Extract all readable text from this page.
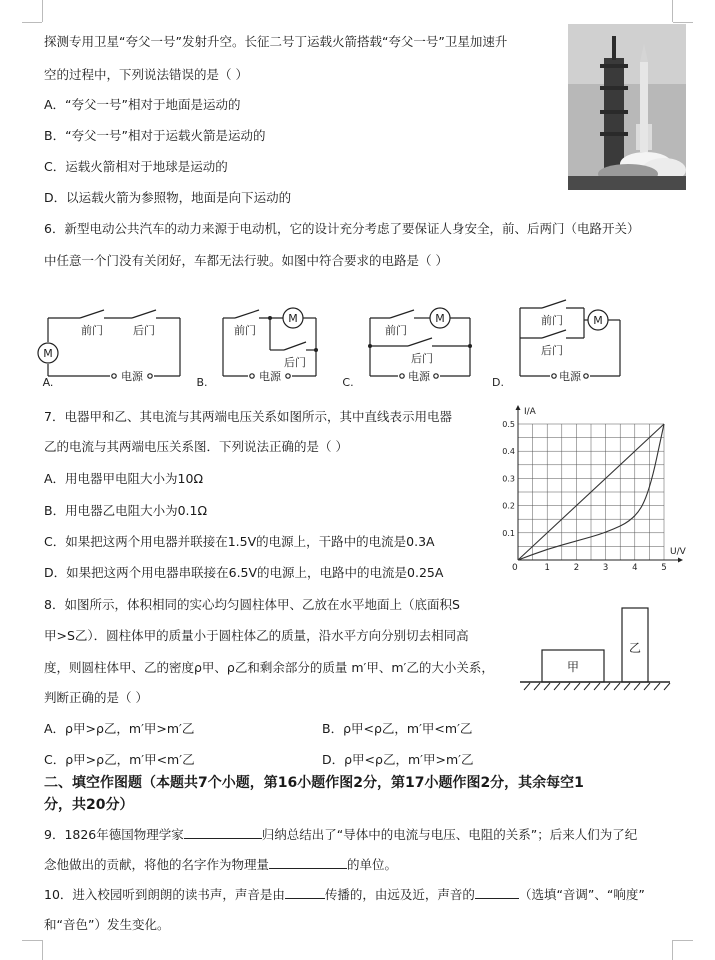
探测专用卫星“夸父一号”发射升空。长征二号丁运载火箭搭载“夸父一号”卫星加速升
空的过程中，下列说法错误的是（ ）
A．“夸父一号”相对于地面是运动的
B．“夸父一号”相对于运载火箭是运动的
C．运载火箭相对于地球是运动的
D．以运载火箭为参照物，地面是向下运动的
6．新型电动公共汽车的动力来源于电动机，它的设计充分考虑了要保证人身安全，前、后两门（电路开关）
中任意一个门没有关闭好，车都无法行驶。如图中符合要求的电路是（ ）
M
前门	后门
电源
A.
前门
M
后门
电源
B.
前门
M
后门
电源
C.
前门	M
后门
电源
D.
7．电器甲和乙、其电流与其两端电压关系如图所示，其中直线表示用电器
乙的电流与其两端电压关系图．下列说法正确的是（ ）
A．用电器甲电阻大小为10Ω
B．用电器乙电阻大小为0.1Ω
C．如果把这两个用电器并联接在1.5V的电源上，干路中的电流是0.3A
D．如果把这两个用电器串联接在6.5V的电源上，电路中的电流是0.25A	1	2	3	4	5
0.1
0.2
0.3
0.4
0.5
I/A
U/V
0
8．如图所示，体积相同的实心均匀圆柱体甲、乙放在水平地面上（底面积S
甲>S乙）．圆柱体甲的质量小于圆柱体乙的质量，沿水平方向分别切去相同高
度，则圆柱体甲、乙的密度ρ甲、ρ乙和剩余部分的质量 m′甲、m′乙的大小关系，
判断正确的是（ ）
甲
乙
A．ρ甲>ρ乙，m′甲>m′乙	B．ρ甲<ρ乙，m′甲<m′乙
C．ρ甲>ρ乙，m′甲<m′乙	D．ρ甲<ρ乙，m′甲>m′乙
二、填空作图题（本题共7个小题，第16小题作图2分，第17小题作图2分，其余每空1
分，共20分）
9．1826年德国物理学家	归纳总结出了“导体中的电流与电压、电阻的关系”；后来人们为了纪
念他做出的贡献，将他的名字作为物理量	的单位。
10．进入校园听到朗朗的读书声，声音是由	传播的，由远及近，声音的	（选填“音调”、“响度”
和“音色”）发生变化。
